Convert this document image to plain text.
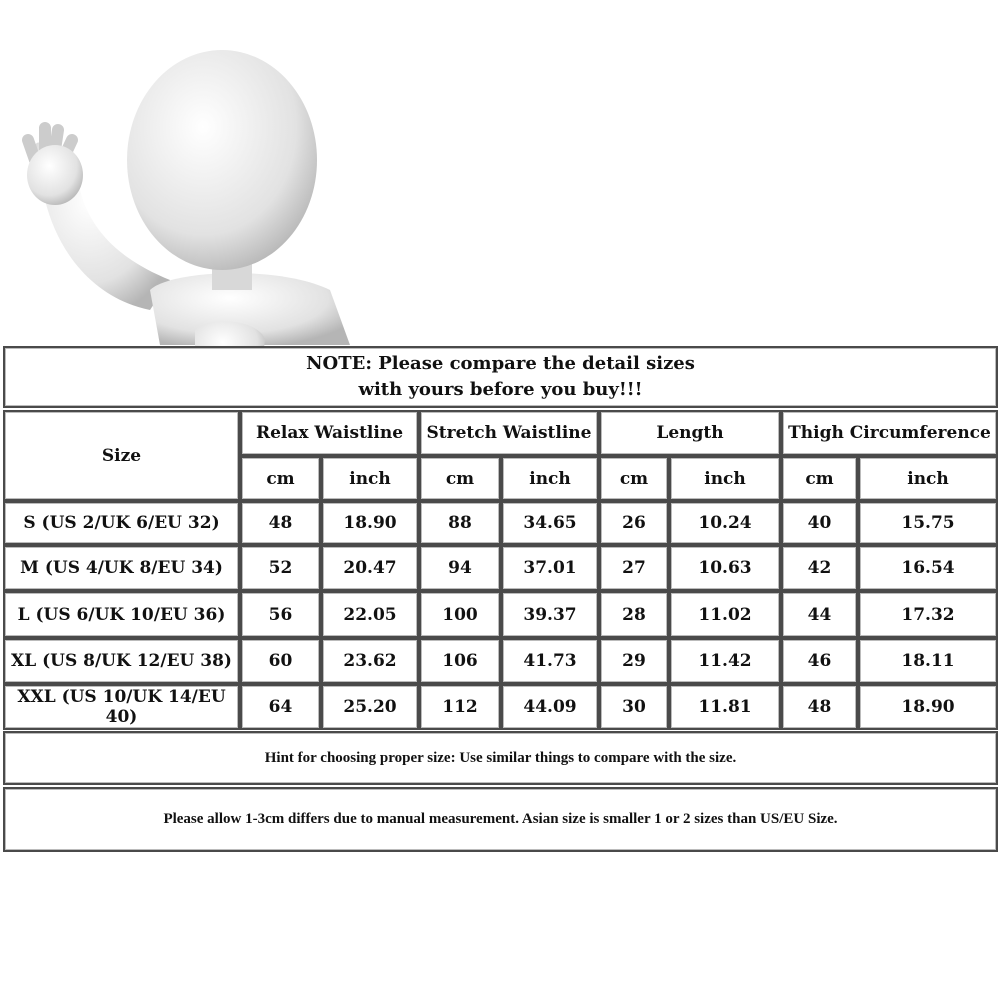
NOTE: Please compare the detail sizes
with yours before you buy!!!
Size
Relax Waistline	Stretch Waistline	Length	Thigh Circumference
cm	inch	cm	inch	cm	inch	cm	inch
S (US 2/UK 6/EU 32)	48	18.90	88	34.65	26	10.24	40	15.75
M (US 4/UK 8/EU 34)	52	20.47	94	37.01	27	10.63	42	16.54
L (US 6/UK 10/EU 36)	56	22.05	100	39.37	28	11.02	44	17.32
XL (US 8/UK 12/EU 38)	60	23.62	106	41.73	29	11.42	46	18.11
XXL (US 10/UK 14/EU 40)	64	25.20	112	44.09	30	11.81	48	18.90
Hint for choosing proper size: Use similar things to compare with the size.
Please allow 1-3cm differs due to manual measurement. Asian size is smaller 1 or 2 sizes than US/EU Size.
